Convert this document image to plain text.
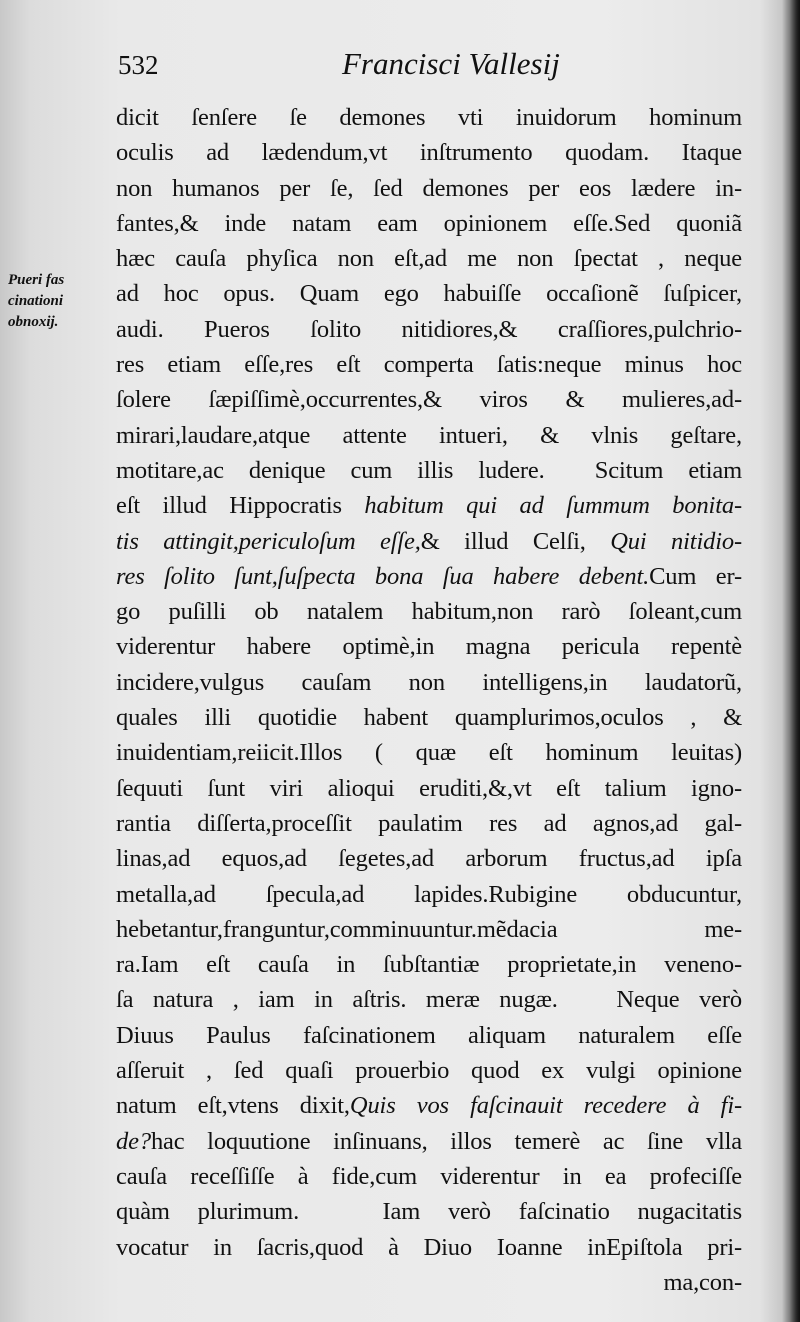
532	Francisci Vallesij
Pueri fas
cinationi
obnoxij.
dicit ſenſere ſe demones vti inuidorum hominum
oculis ad lædendum,vt inſtrumento quodam. Itaque
non humanos per ſe, ſed demones per eos lædere in-
fantes,& inde natam eam opinionem eſſe.Sed quoniã
hæc cauſa phyſica non eſt,ad me non ſpectat , neque
ad hoc opus. Quam ego habuiſſe occaſionẽ ſuſpicer,
audi. Pueros ſolito nitidiores,& craſſiores,pulchrio-
res etiam eſſe,res eſt comperta ſatis:neque minus hoc
ſolere ſæpiſſimè,occurrentes,& viros & mulieres,ad-
mirari,laudare,atque attente intueri, & vlnis geſtare,
motitare,ac denique cum illis ludere.  Scitum etiam
eſt illud Hippocratis habitum qui ad ſummum bonita-
tis attingit,periculoſum eſſe,& illud Celſi, Qui nitidio-
res ſolito ſunt,ſuſpecta bona ſua habere debent.Cum er-
go puſilli ob natalem habitum,non rarò ſoleant,cum
viderentur habere optimè,in magna pericula repentè
incidere,vulgus cauſam non intelligens,in laudatorũ,
quales illi quotidie habent quamplurimos,oculos , &
inuidentiam,reiicit.Illos ( quæ eſt hominum leuitas)
ſequuti ſunt viri alioqui eruditi,&,vt eſt talium igno-
rantia diſſerta,proceſſit paulatim res ad agnos,ad gal-
linas,ad equos,ad ſegetes,ad arborum fructus,ad ipſa
metalla,ad ſpecula,ad lapides.Rubigine obducuntur,
hebetantur,franguntur,comminuuntur.mẽdacia me-
ra.Iam eſt cauſa in ſubſtantiæ proprietate,in veneno-
ſa natura , iam in aſtris. meræ nugæ.   Neque verò
Diuus Paulus faſcinationem aliquam naturalem eſſe
aſſeruit , ſed quaſi prouerbio quod ex vulgi opinione
natum eſt,vtens dixit,Quis vos faſcinauit recedere à fi-
de?hac loquutione inſinuans, illos temerè ac ſine vlla
cauſa receſſiſſe à fide,cum viderentur in ea profeciſſe
quàm plurimum.   Iam verò faſcinatio nugacitatis
vocatur in ſacris,quod à Diuo Ioanne inEpiſtola pri-
ma,con-
